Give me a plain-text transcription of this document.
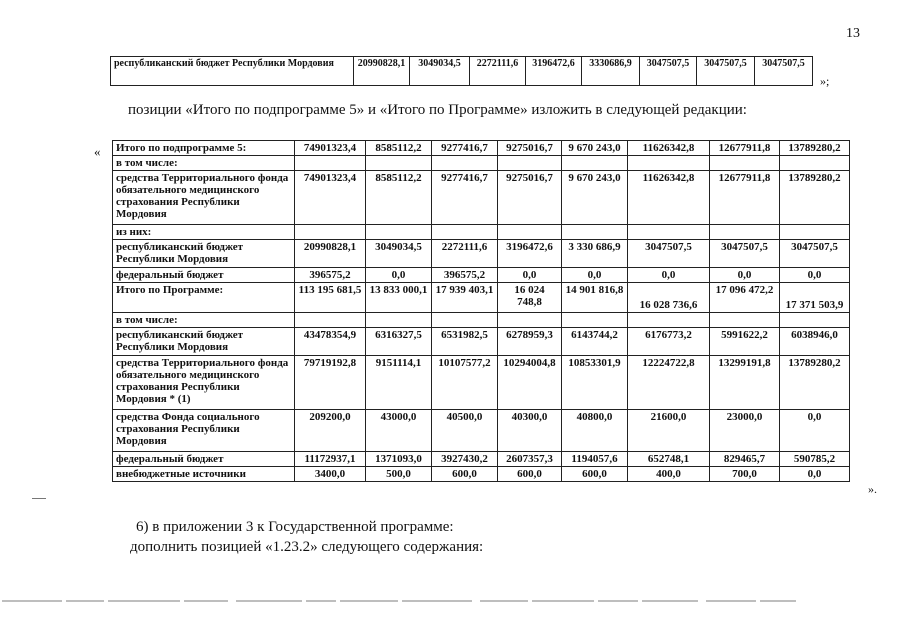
13
республиканский бюджет Республики Мордовия	20990828,1	3049034,5	2272111,6	3196472,6	3330686,9	3047507,5	3047507,5	3047507,5
»;
позиции «Итого по подпрограмме 5» и «Итого по Программе» изложить в следующей редакции:
« Итого по подпрограмме 5:	74901323,4	8585112,2	9277416,7	9275016,7	9 670 243,0	11626342,8	12677911,8	13789280,2
в том числе:								
средства Территориального фонда обязательного медицинского страхования Республики Мордовия	74901323,4	8585112,2	9277416,7	9275016,7	9 670 243,0	11626342,8	12677911,8	13789280,2
из них:								
республиканский бюджет Республики Мордовия	20990828,1	3049034,5	2272111,6	3196472,6	3 330 686,9	3047507,5	3047507,5	3047507,5
федеральный бюджет	396575,2	0,0	396575,2	0,0	0,0	0,0	0,0	0,0
Итого по Программе:	113 195 681,5	13 833 000,1	17 939 403,1	16 024 748,8	14 901 816,8	16 028 736,6	17 096 472,2	17 371 503,9
в том числе:								
республиканский бюджет Республики Мордовия	43478354,9	6316327,5	6531982,5	6278959,3	6143744,2	6176773,2	5991622,2	6038946,0
средства Территориального фонда обязательного медицинского страхования Республики Мордовия * (1)	79719192,8	9151114,1	10107577,2	10294004,8	10853301,9	12224722,8	13299191,8	13789280,2
средства Фонда социального страхования Республики Мордовия	209200,0	43000,0	40500,0	40300,0	40800,0	21600,0	23000,0	0,0
федеральный бюджет	11172937,1	1371093,0	3927430,2	2607357,3	1194057,6	652748,1	829465,7	590785,2
внебюджетные источники	3400,0	500,0	600,0	600,0	600,0	400,0	700,0	0,0
».
6) в приложении 3 к Государственной программе:
дополнить позицией «1.23.2» следующего содержания:
